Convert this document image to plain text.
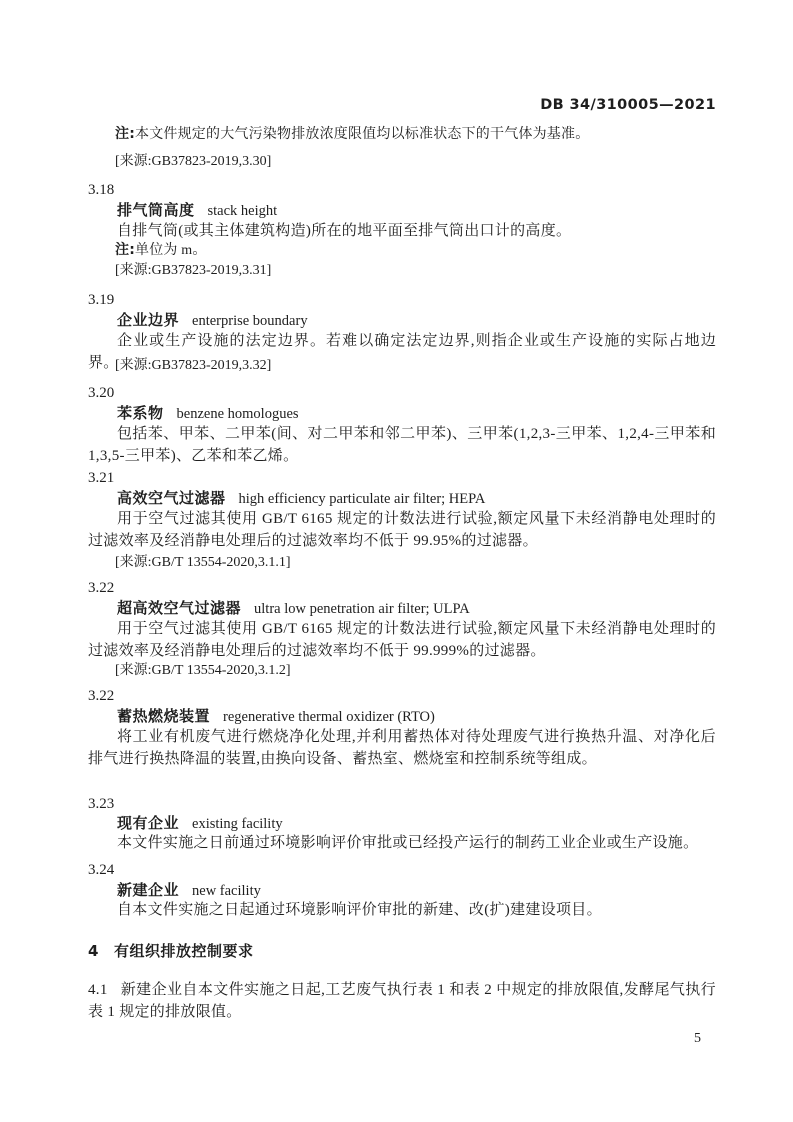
DB 34/310005—2021

注:本文件规定的大气污染物排放浓度限值均以标准状态下的干气体为基准。

[来源:GB37823-2019,3.30]

3.18

排气筒高度 stack height

自排气筒(或其主体建筑构造)所在的地平面至排气筒出口计的高度。

注:单位为 m。

[来源:GB37823-2019,3.31]

3.19

企业边界 enterprise boundary

企业或生产设施的法定边界。若难以确定法定边界,则指企业或生产设施的实际占地边界。

[来源:GB37823-2019,3.32]

3.20

苯系物 benzene homologues

包括苯、甲苯、二甲苯(间、对二甲苯和邻二甲苯)、三甲苯(1,2,3-三甲苯、1,2,4-三甲苯和 1,3,5-三甲苯)、乙苯和苯乙烯。

3.21

高效空气过滤器 high efficiency particulate air filter; HEPA

用于空气过滤其使用 GB/T 6165 规定的计数法进行试验,额定风量下未经消静电处理时的过滤效率及经消静电处理后的过滤效率均不低于 99.95%的过滤器。

[来源:GB/T 13554-2020,3.1.1]

3.22

超高效空气过滤器 ultra low penetration air filter; ULPA

用于空气过滤其使用 GB/T 6165 规定的计数法进行试验,额定风量下未经消静电处理时的过滤效率及经消静电处理后的过滤效率均不低于 99.999%的过滤器。

[来源:GB/T 13554-2020,3.1.2]

3.22

蓄热燃烧装置 regenerative thermal oxidizer (RTO)

将工业有机废气进行燃烧净化处理,并利用蓄热体对待处理废气进行换热升温、对净化后排气进行换热降温的装置,由换向设备、蓄热室、燃烧室和控制系统等组成。

3.23

现有企业 existing facility

本文件实施之日前通过环境影响评价审批或已经投产运行的制药工业企业或生产设施。

3.24

新建企业 new facility

自本文件实施之日起通过环境影响评价审批的新建、改(扩)建建设项目。

4 有组织排放控制要求

4.1 新建企业自本文件实施之日起,工艺废气执行表 1 和表 2 中规定的排放限值,发酵尾气执行表 1 规定的排放限值。

5
